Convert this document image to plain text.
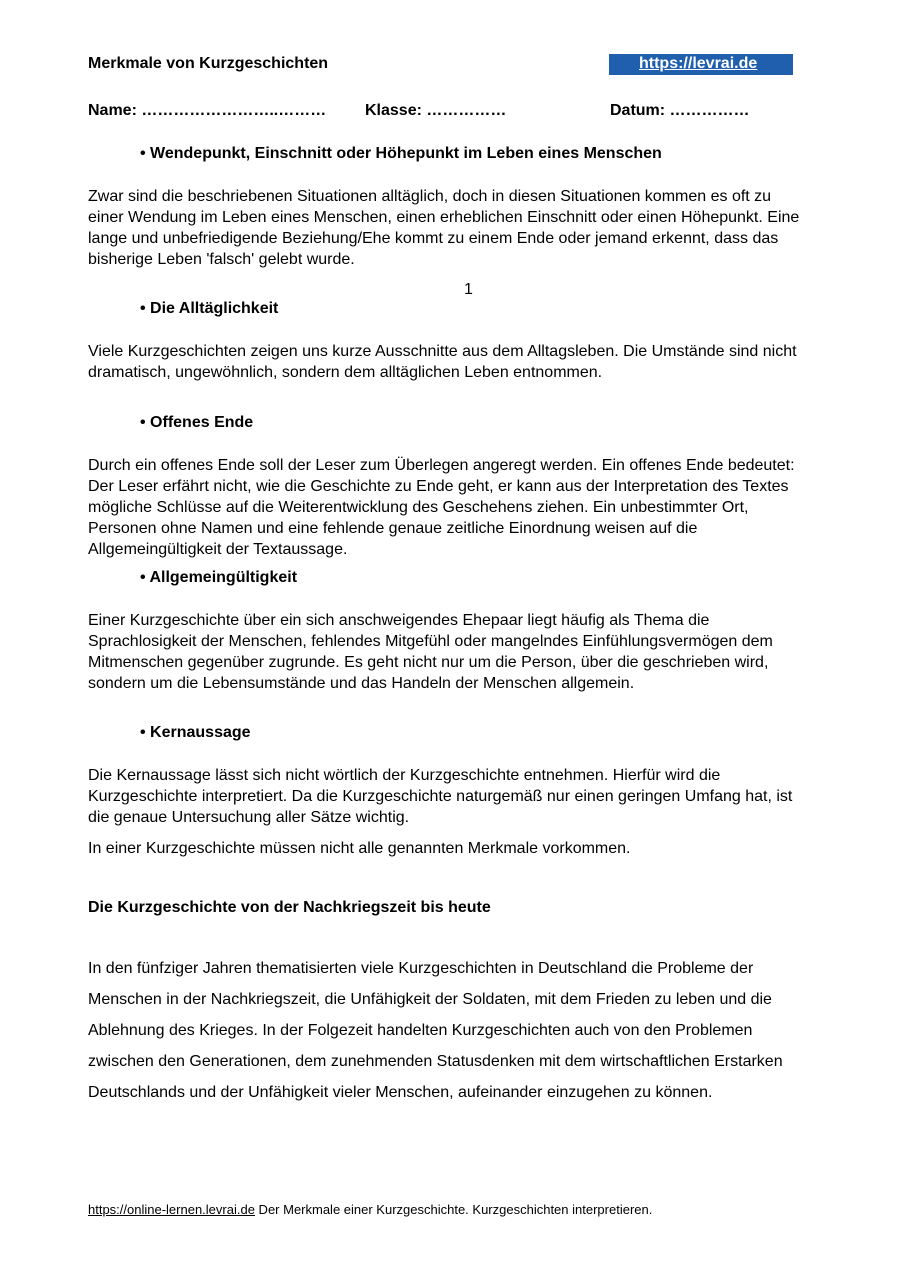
Merkmale von Kurzgeschichten	https://levrai.de
Name: ……………………..……… Klasse: ……………	Datum: ……………
• Wendepunkt, Einschnitt oder Höhepunkt im Leben eines Menschen
Zwar sind die beschriebenen Situationen alltäglich, doch in diesen Situationen kommen es oft zu einer Wendung im Leben eines Menschen, einen erheblichen Einschnitt oder einen Höhepunkt. Eine lange und unbefriedigende Beziehung/Ehe kommt zu einem Ende oder jemand erkennt, dass das bisherige Leben 'falsch' gelebt wurde.
1
• Die Alltäglichkeit
Viele Kurzgeschichten zeigen uns kurze Ausschnitte aus dem Alltagsleben. Die Umstände sind nicht dramatisch, ungewöhnlich, sondern dem alltäglichen Leben entnommen.
• Offenes Ende
Durch ein offenes Ende soll der Leser zum Überlegen angeregt werden. Ein offenes Ende bedeutet: Der Leser erfährt nicht, wie die Geschichte zu Ende geht, er kann aus der Interpretation des Textes mögliche Schlüsse auf die Weiterentwicklung des Geschehens ziehen. Ein unbestimmter Ort, Personen ohne Namen und eine fehlende genaue zeitliche Einordnung weisen auf die Allgemeingültigkeit der Textaussage.
• Allgemeingültigkeit
Einer Kurzgeschichte über ein sich anschweigendes Ehepaar liegt häufig als Thema die Sprachlosigkeit der Menschen, fehlendes Mitgefühl oder mangelndes Einfühlungsvermögen dem Mitmenschen gegenüber zugrunde. Es geht nicht nur um die Person, über die geschrieben wird, sondern um die Lebensumstände und das Handeln der Menschen allgemein.
• Kernaussage
Die Kernaussage lässt sich nicht wörtlich der Kurzgeschichte entnehmen. Hierfür wird die Kurzgeschichte interpretiert. Da die Kurzgeschichte naturgemäß nur einen geringen Umfang hat, ist die genaue Untersuchung aller Sätze wichtig.
In einer Kurzgeschichte müssen nicht alle genannten Merkmale vorkommen.
Die Kurzgeschichte von der Nachkriegszeit bis heute
In den fünfziger Jahren thematisierten viele Kurzgeschichten in Deutschland die Probleme der Menschen in der Nachkriegszeit, die Unfähigkeit der Soldaten, mit dem Frieden zu leben und die Ablehnung des Krieges. In der Folgezeit handelten Kurzgeschichten auch von den Problemen zwischen den Generationen, dem zunehmenden Statusdenken mit dem wirtschaftlichen Erstarken Deutschlands und der Unfähigkeit vieler Menschen, aufeinander einzugehen zu können.
https://online-lernen.levrai.de Der Merkmale einer Kurzgeschichte. Kurzgeschichten interpretieren.
